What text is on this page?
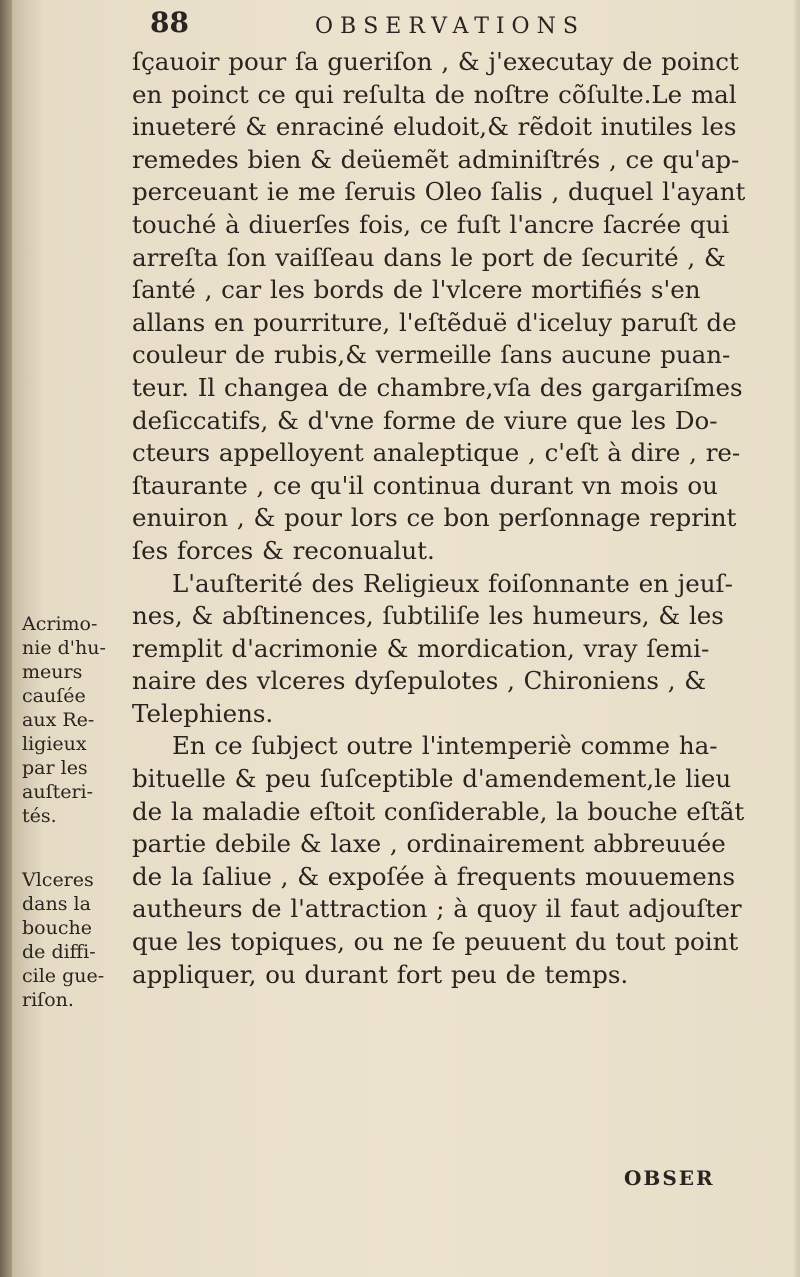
88	OBSERVATIONS
ſçauoir pour ſa gueriſon , & j'executay de poinct
en poinct ce qui reſulta de noſtre cõſulte.Le mal
inueteré & enraciné eludoit,& rẽdoit inutiles les
remedes bien & deüemẽt adminiſtrés , ce qu'ap-
perceuant ie me ſeruis Oleo ſalis , duquel l'ayant
touché à diuerſes fois, ce fuſt l'ancre ſacrée qui
arreſta ſon vaiſſeau dans le port de ſecurité , &
ſanté , car les bords de l'vlcere mortifiés s'en
allans en pourriture, l'eſtẽduë d'iceluy paruſt de
couleur de rubis,& vermeille ſans aucune puan-
teur. Il changea de chambre,vſa des gargariſmes
deſiccatifs, & d'vne forme de viure que les Do-
cteurs appelloyent analeptique , c'eſt à dire , re-
ſtaurante , ce qu'il continua durant vn mois ou
enuiron , & pour lors ce bon perſonnage reprint
ſes forces & reconualut.
L'auſterité des Religieux foiſonnante en jeuſ-
nes, & abſtinences, ſubtiliſe les humeurs, & les
remplit d'acrimonie & mordication, vray ſemi-
naire des vlceres dyſepulotes , Chironiens , &
Telephiens.
En ce ſubject outre l'intemperiè comme ha-
bituelle & peu ſuſceptible d'amendement,le lieu
de la maladie eſtoit conſiderable, la bouche eſtãt
partie debile & laxe , ordinairement abbreuuée
de la ſaliue , & expoſée à frequents mouuemens
autheurs de l'attraction ; à quoy il faut adjouſter
que les topiques, ou ne ſe peuuent du tout point
appliquer, ou durant fort peu de temps.
Acrimo-
nie d'hu-
meurs
cauſée
aux Re-
ligieux
par les
auſteri-
tés.
Vlceres
dans la
bouche
de diffi-
cile gue-
riſon.
OBSER
